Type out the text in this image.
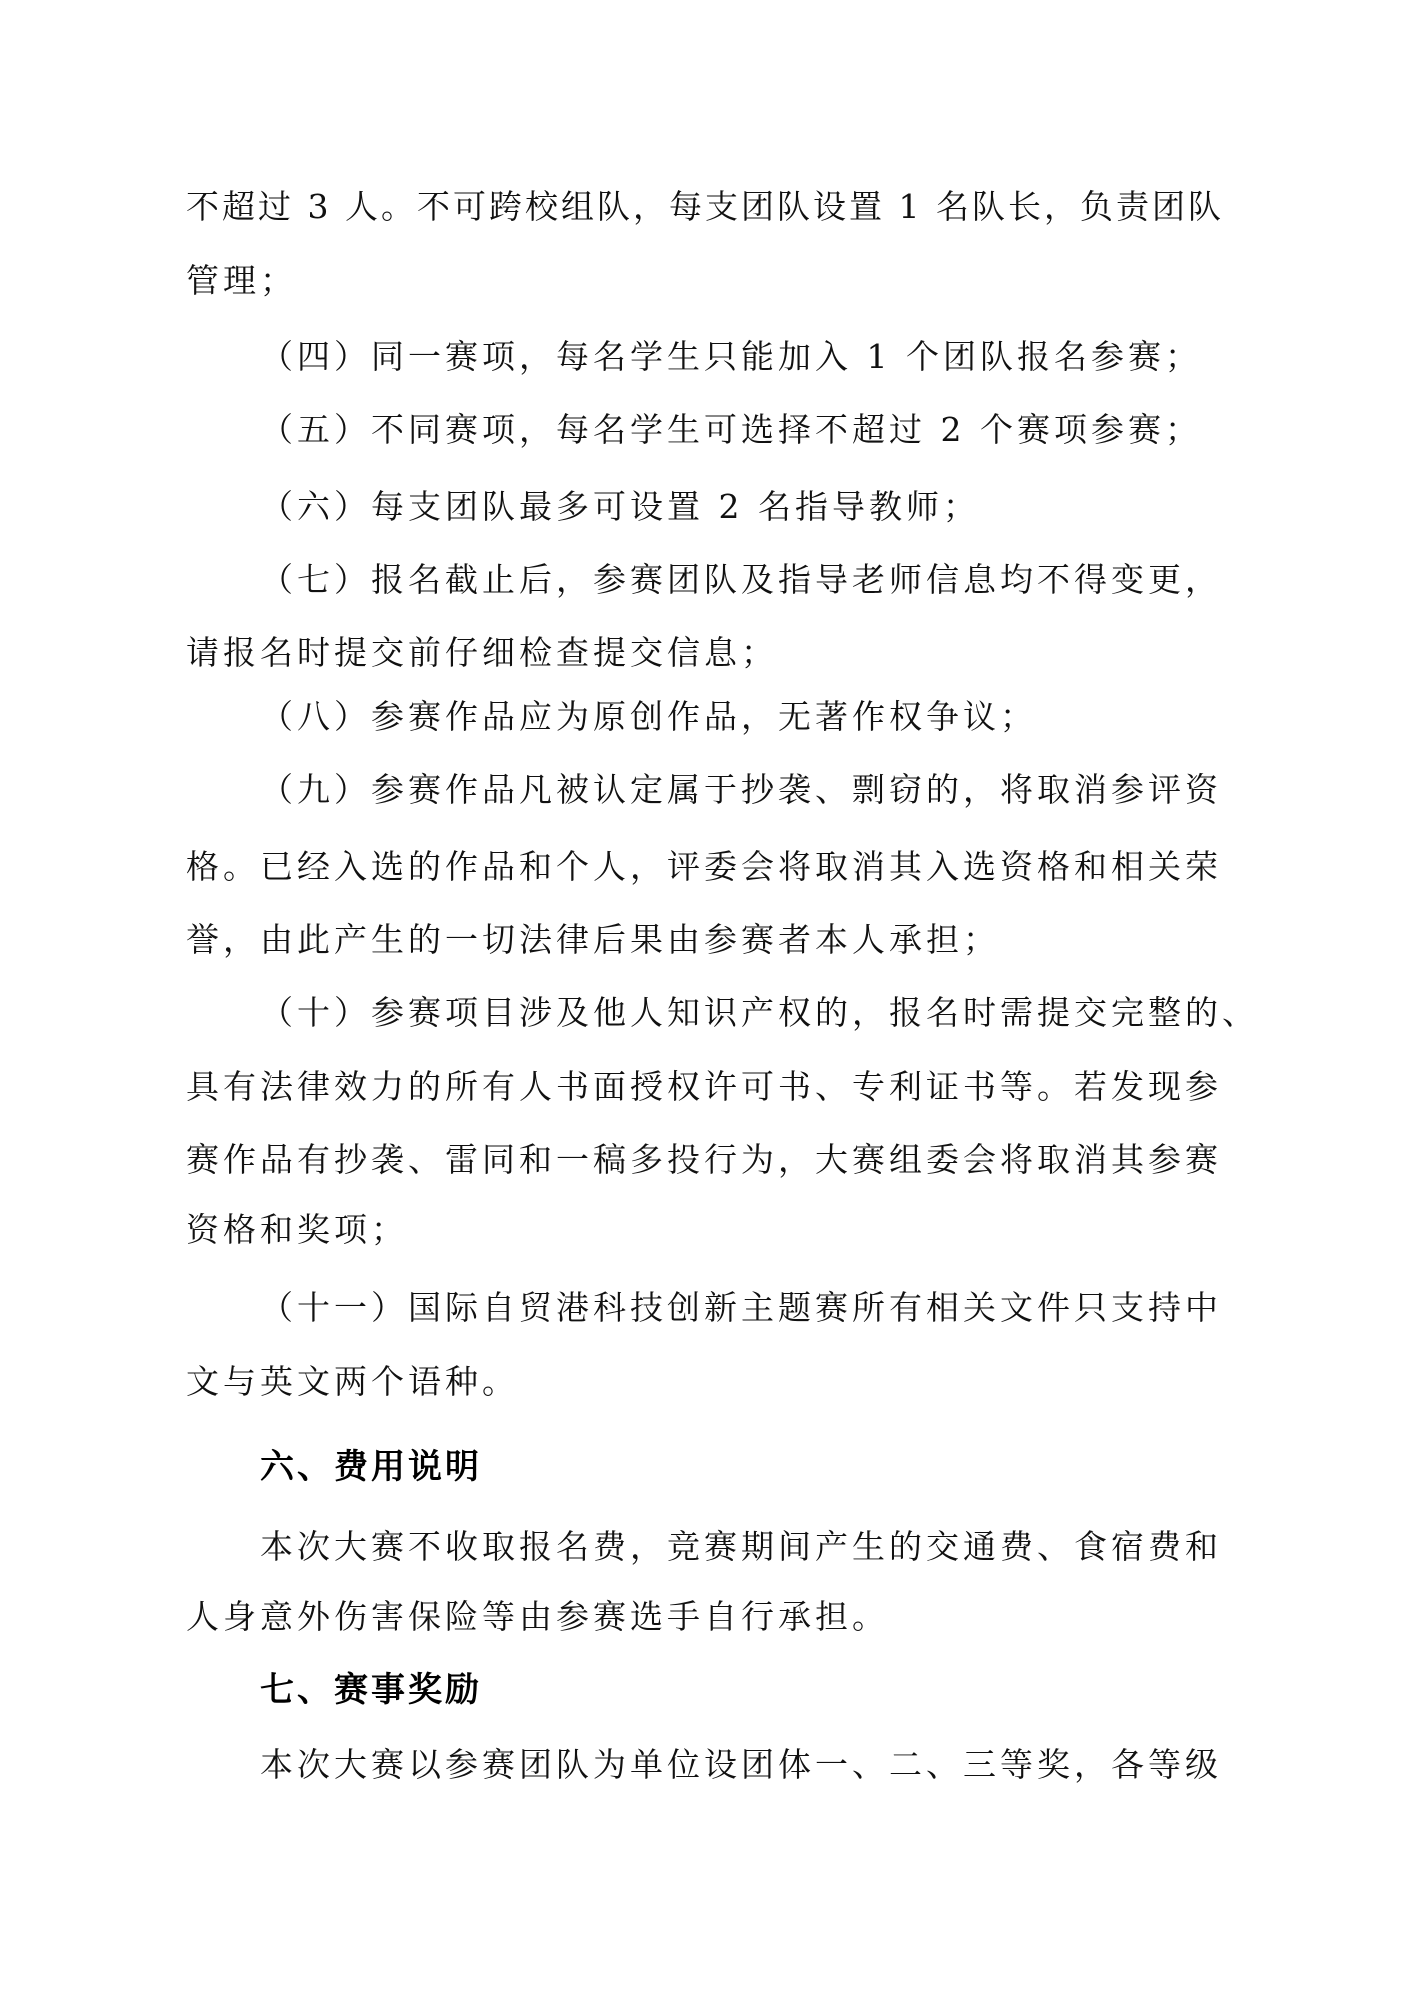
不超过 3 人。不可跨校组队，每支团队设置 1 名队长，负责团队
管理；
（四）同一赛项，每名学生只能加入 1 个团队报名参赛；
（五）不同赛项，每名学生可选择不超过 2 个赛项参赛；
（六）每支团队最多可设置 2 名指导教师；
（七）报名截止后，参赛团队及指导老师信息均不得变更，
请报名时提交前仔细检查提交信息；
（八）参赛作品应为原创作品，无著作权争议；
（九）参赛作品凡被认定属于抄袭、剽窃的，将取消参评资
格。已经入选的作品和个人，评委会将取消其入选资格和相关荣
誉，由此产生的一切法律后果由参赛者本人承担；
（十）参赛项目涉及他人知识产权的，报名时需提交完整的、
具有法律效力的所有人书面授权许可书、专利证书等。若发现参
赛作品有抄袭、雷同和一稿多投行为，大赛组委会将取消其参赛
资格和奖项；
（十一）国际自贸港科技创新主题赛所有相关文件只支持中
文与英文两个语种。
六、费用说明
本次大赛不收取报名费，竞赛期间产生的交通费、食宿费和
人身意外伤害保险等由参赛选手自行承担。
七、赛事奖励
本次大赛以参赛团队为单位设团体一、二、三等奖，各等级
